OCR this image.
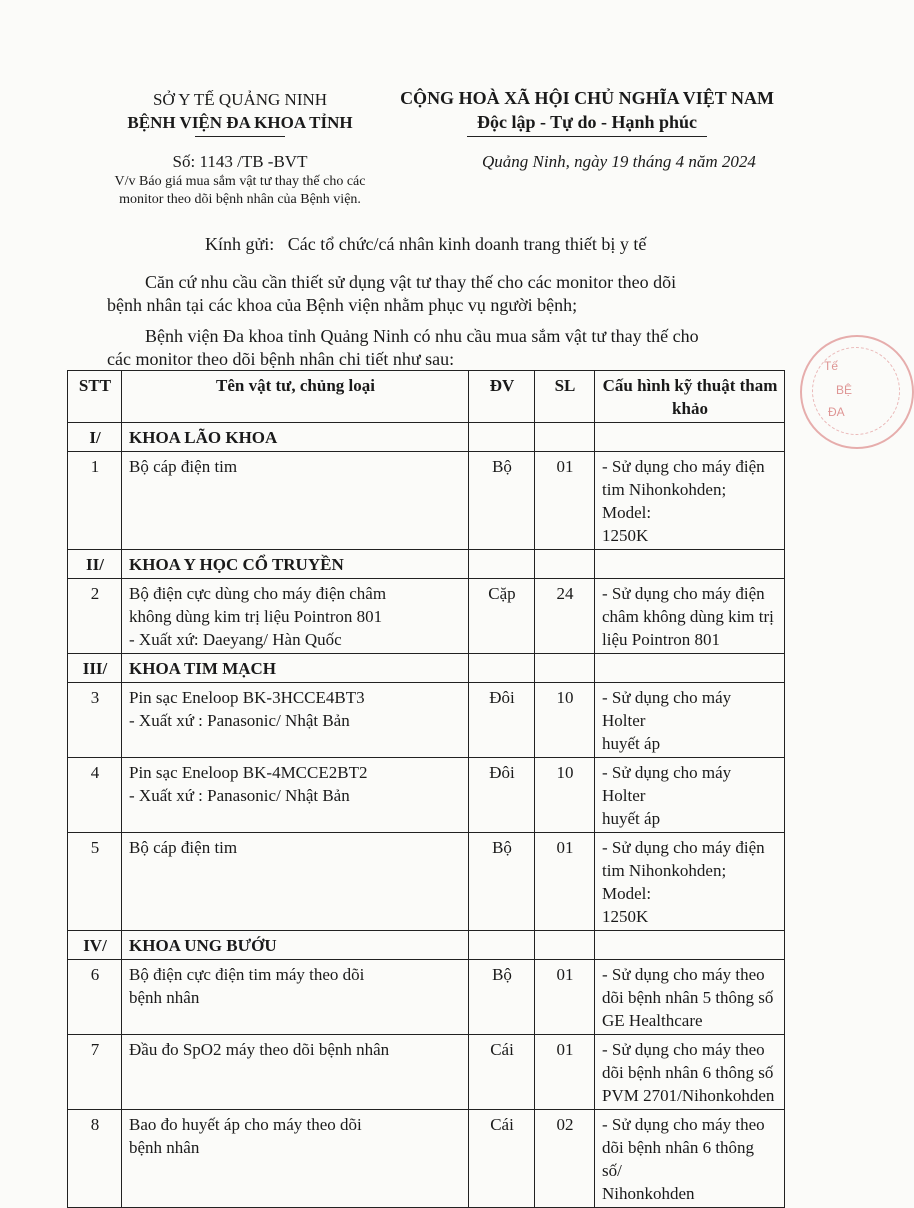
SỞ Y TẾ QUẢNG NINH
BỆNH VIỆN ĐA KHOA TỈNH
Số: 1143 /TB -BVT
V/v Báo giá mua sắm vật tư thay thế cho các
monitor theo dõi bệnh nhân của Bệnh viện.
CỘNG HOÀ XÃ HỘI CHỦ NGHĨA VIỆT NAM
Độc lập - Tự do - Hạnh phúc
Quảng Ninh, ngày 19 tháng 4 năm 2024
Kính gửi: Các tổ chức/cá nhân kinh doanh trang thiết bị y tế
Căn cứ nhu cầu cần thiết sử dụng vật tư thay thế cho các monitor theo dõi
bệnh nhân tại các khoa của Bệnh viện nhằm phục vụ người bệnh;
Bệnh viện Đa khoa tỉnh Quảng Ninh có nhu cầu mua sắm vật tư thay thế cho
các monitor theo dõi bệnh nhân chi tiết như sau:
STT	Tên vật tư, chủng loại	ĐV	SL	Cấu hình kỹ thuật tham khảo
I/	KHOA LÃO KHOA			
1	Bộ cáp điện tim	Bộ	01	- Sử dụng cho máy điện
tim Nihonkohden; Model:
1250K
II/	KHOA Y HỌC CỔ TRUYỀN			
2	Bộ điện cực dùng cho máy điện châm
không dùng kim trị liệu Pointron 801
- Xuất xứ: Daeyang/ Hàn Quốc	Cặp	24	- Sử dụng cho máy điện
châm không dùng kim trị
liệu Pointron 801
III/	KHOA TIM MẠCH			
3	Pin sạc Eneloop BK-3HCCE4BT3
- Xuất xứ : Panasonic/ Nhật Bản	Đôi	10	- Sử dụng cho máy Holter
huyết áp
4	Pin sạc Eneloop BK-4MCCE2BT2
- Xuất xứ : Panasonic/ Nhật Bản	Đôi	10	- Sử dụng cho máy Holter
huyết áp
5	Bộ cáp điện tim	Bộ	01	- Sử dụng cho máy điện
tim Nihonkohden; Model:
1250K
IV/	KHOA UNG BƯỚU			
6	Bộ điện cực điện tim máy theo dõi
bệnh nhân	Bộ	01	- Sử dụng cho máy theo
dõi bệnh nhân 5 thông số
GE Healthcare
7	Đầu đo SpO2 máy theo dõi bệnh nhân	Cái	01	- Sử dụng cho máy theo
dõi bệnh nhân 6 thông số
PVM 2701/Nihonkohden
8	Bao đo huyết áp cho máy theo dõi
bệnh nhân	Cái	02	- Sử dụng cho máy theo
dõi bệnh nhân 6 thông số/
Nihonkohden
Tế
BỆ
ĐA
